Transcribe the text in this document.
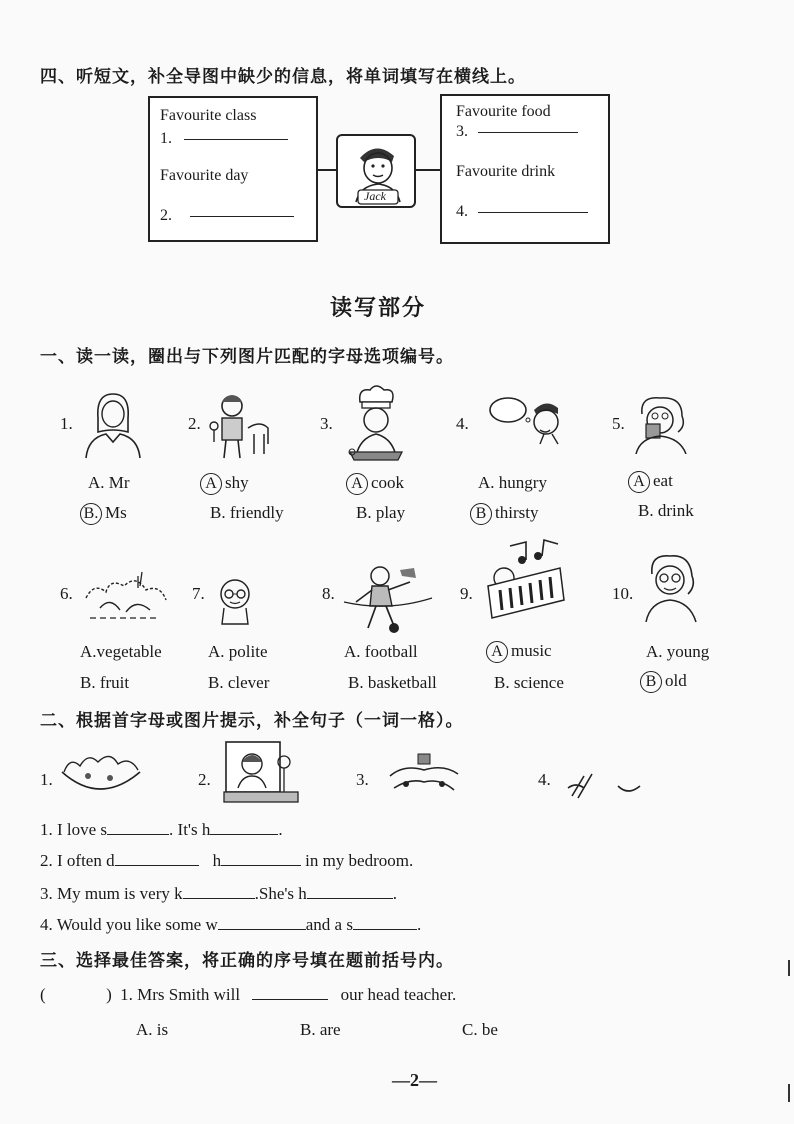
四、听短文，补全导图中缺少的信息，将单词填写在横线上。
Favourite class
1.
Favourite day
2.
Jack
Favourite food
3.
Favourite drink
4.
读写部分
一、读一读，圈出与下列图片匹配的字母选项编号。
1.	2.	3.	4.	5.
A. Mr
B. Ms
A shy
B. friendly
A cook
B. play
A. hungry
B thirsty
A eat
B. drink
6.	7.	8.	9.	10.
A.vegetable
B. fruit
A. polite
B. clever
A. football
B. basketball
A music
B. science
A. young
B old
二、根据首字母或图片提示，补全句子（一词一格）。
1.	2.	3.	4.
1. I love s	. It's h	.
2. I often d	h	in my bedroom.
3. My mum is very k	.She's h	.
4. Would you like some w	and a s	.
三、选择最佳答案，将正确的序号填在题前括号内。
(	) 1. Mrs Smith will	our head teacher.
A. is	B. are	C. be
—2—
